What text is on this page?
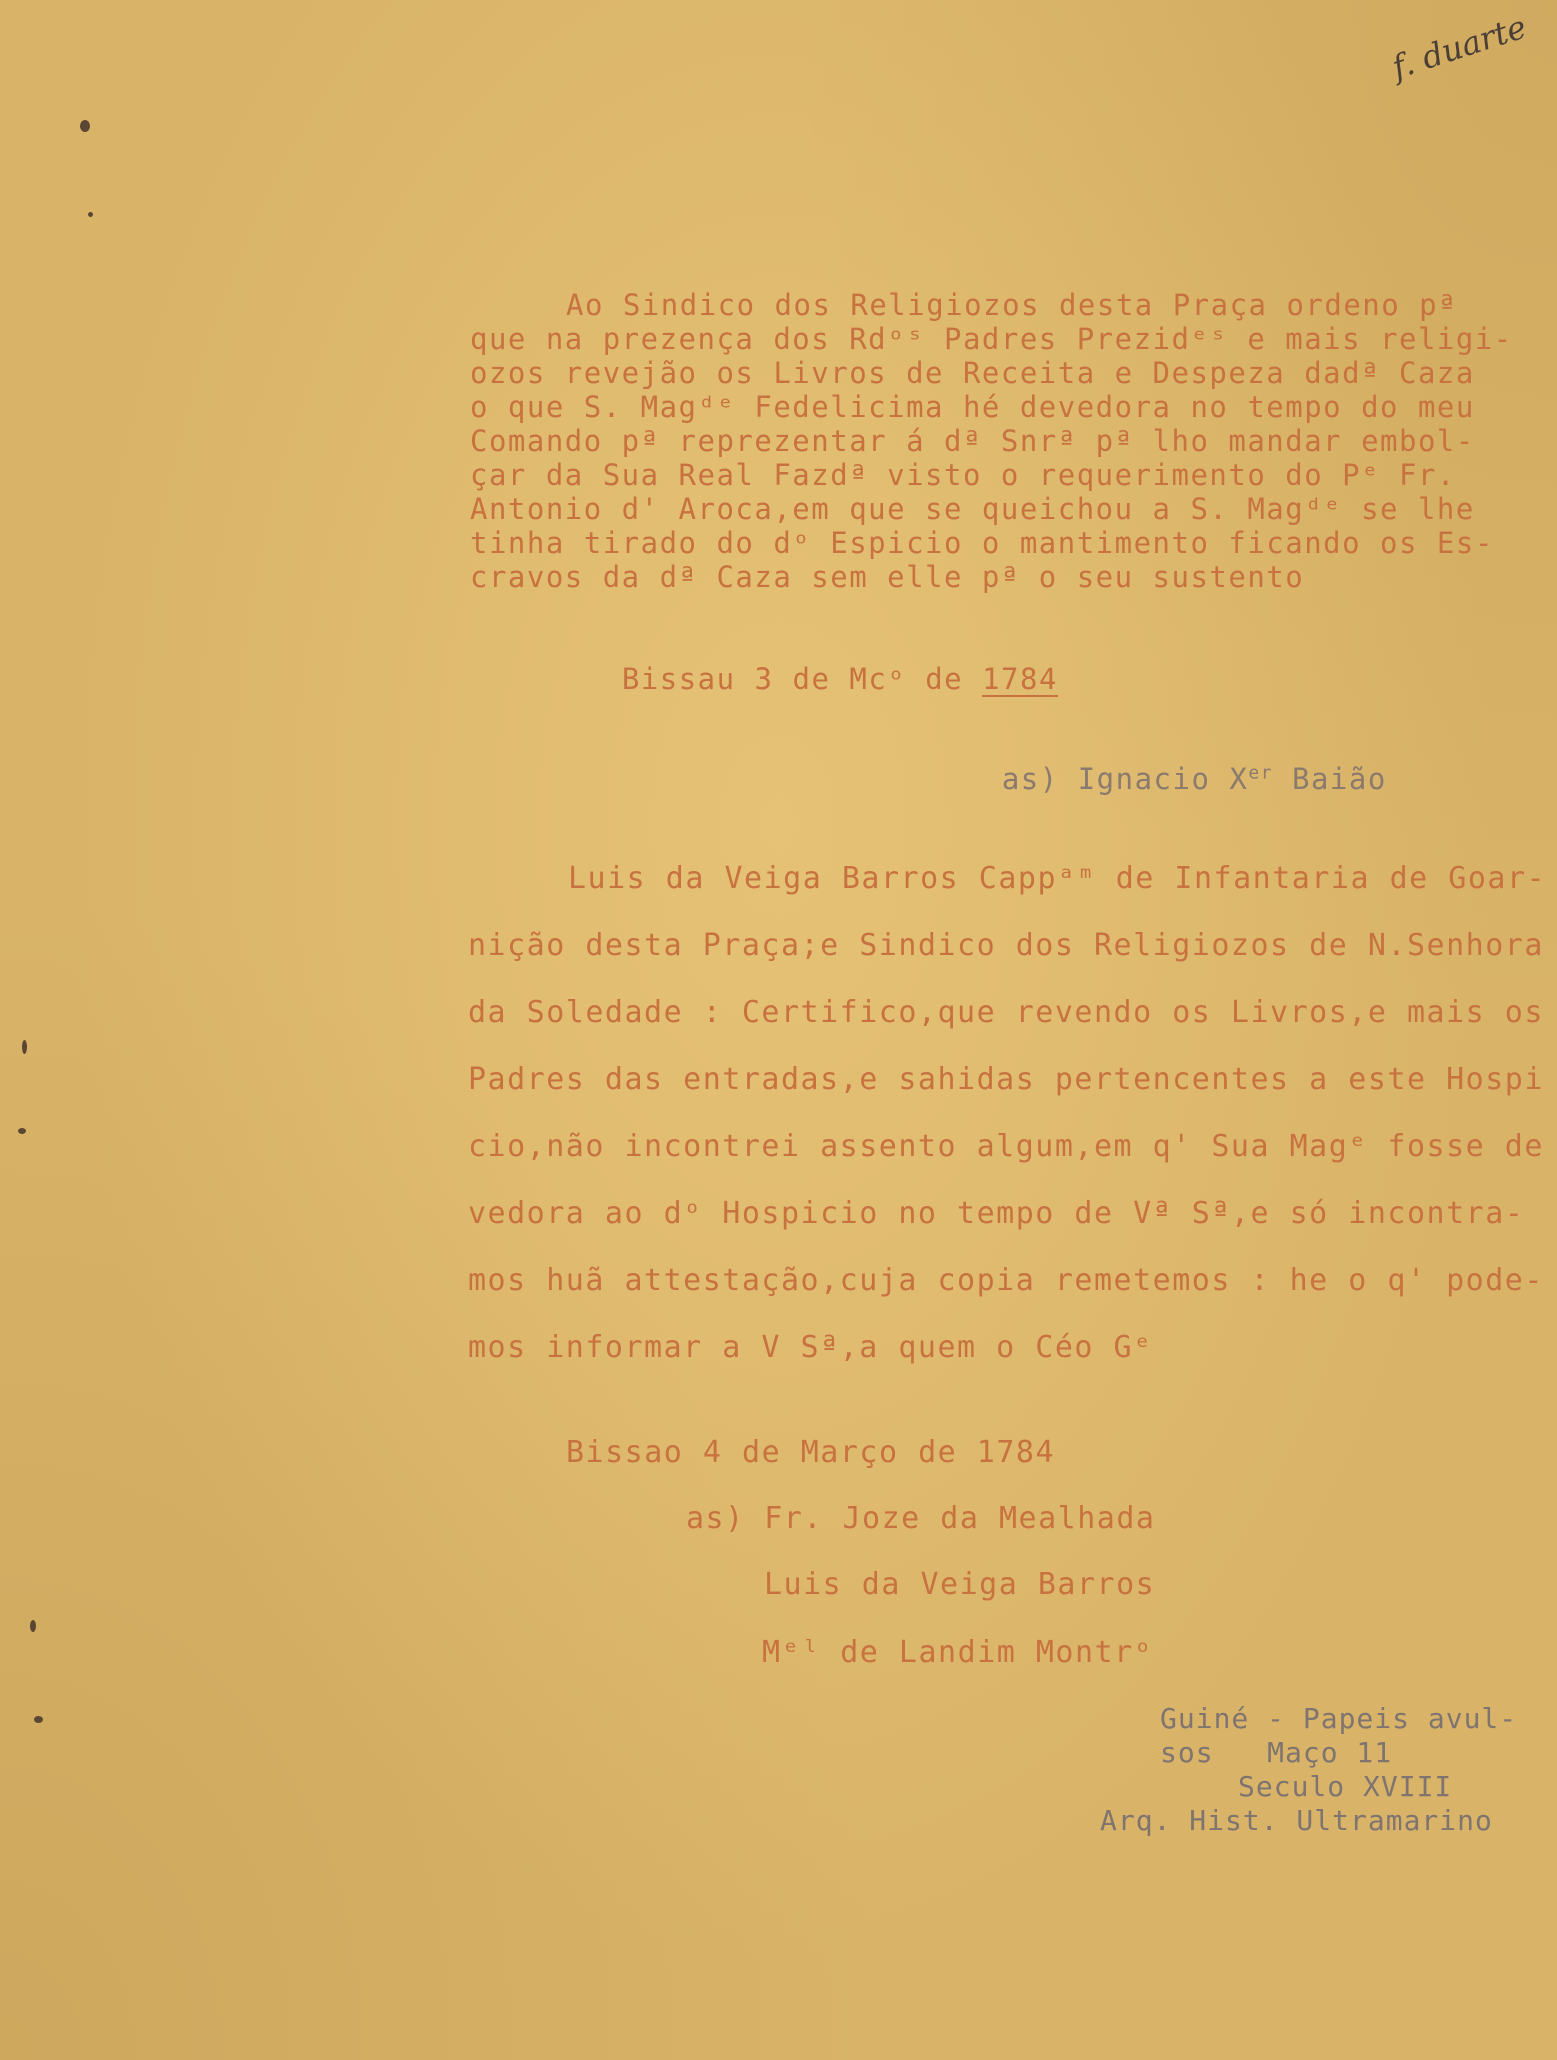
f. duarte
Ao Sindico dos Religiozos desta Praça ordeno pª
que na prezença dos Rdᵒˢ Padres Prezidᵉˢ e mais religi-
ozos revejão os Livros de Receita e Despeza dadª Caza
o que S. Magᵈᵉ Fedelicima hé devedora no tempo do meu
Comando pª reprezentar á dª Snrª pª lho mandar embol-
çar da Sua Real Fazdª visto o requerimento do Pᵉ Fr.
Antonio d' Aroca,em que se queichou a S. Magᵈᵉ se lhe
tinha tirado do dᵒ Espicio o mantimento ficando os Es-
cravos da dª Caza sem elle pª o seu sustento

Bissau 3 de Mcᵒ de 1784

as) Ignacio Xer Baião

Luis da Veiga Barros Cappᵃᵐ de Infantaria de Goar-
nição desta Praça;e Sindico dos Religiozos de N.Senhora
da Soledade : Certifico,que revendo os Livros,e mais os
Padres das entradas,e sahidas pertencentes a este Hospi
cio,não incontrei assento algum,em q' Sua Magᵉ fosse de
vedora ao dᵒ Hospicio no tempo de Vª Sª,e só incontra-
mos huã attestação,cuja copia remetemos : he o q' pode-
mos informar a V Sª,a quem o Céo Gᵉ
Bissao 4 de Março de 1784
as) Fr. Joze da Mealhada
Luis da Veiga Barros
Mᵉˡ de Landim Montrᵒ
Guiné - Papeis avul-
sos   Maço 11
Seculo XVIII
Arq. Hist. Ultramarino
